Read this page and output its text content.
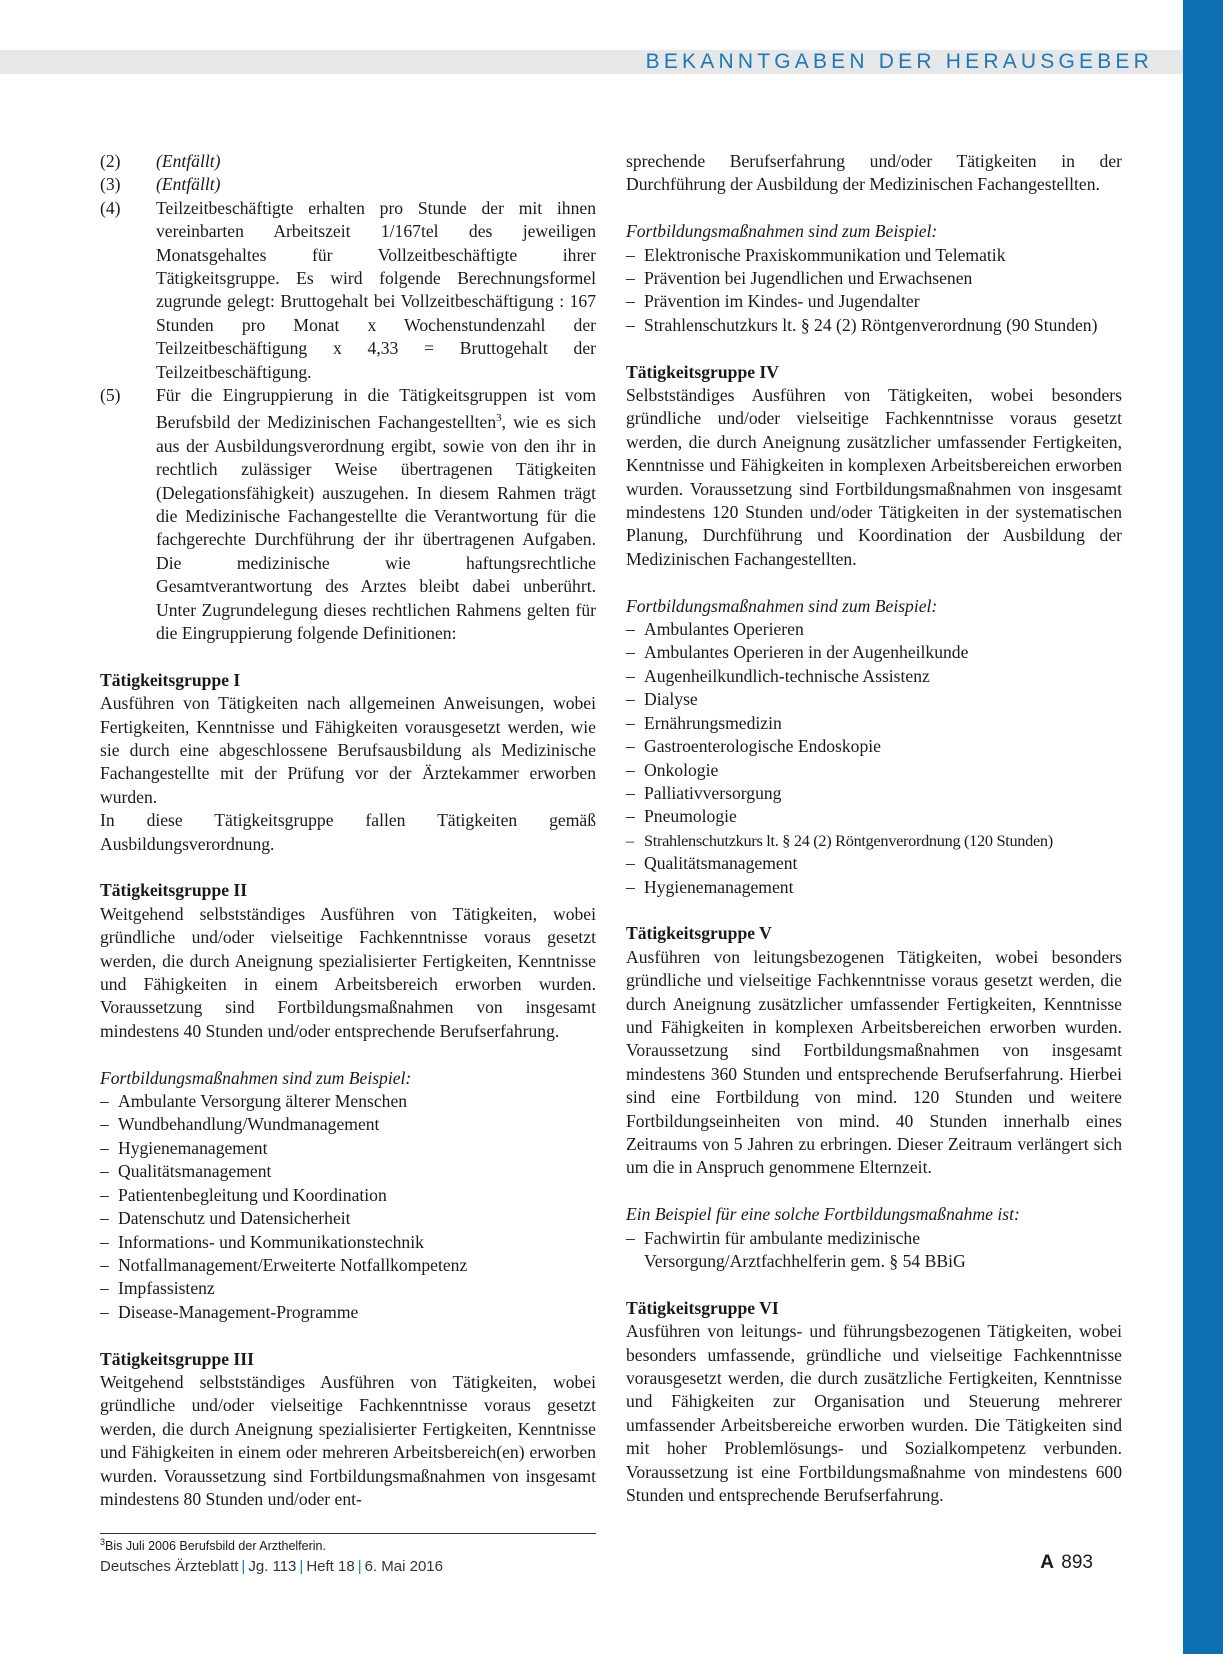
BEKANNTGABEN DER HERAUSGEBER
(2)	(Entfällt)
(3)	(Entfällt)
(4)	Teilzeitbeschäftigte erhalten pro Stunde der mit ihnen vereinbarten Arbeitszeit 1/167tel des jeweiligen Monatsgehaltes für Vollzeitbeschäftigte ihrer Tätigkeitsgruppe. Es wird folgende Berechnungsformel zugrunde gelegt: Bruttogehalt bei Vollzeitbeschäftigung : 167 Stunden pro Monat x Wochenstundenzahl der Teilzeitbeschäftigung x 4,33 = Bruttogehalt der Teilzeitbeschäftigung.
(5)	Für die Eingruppierung in die Tätigkeitsgruppen ist vom Berufsbild der Medizinischen Fachangestellten$^3$, wie es sich aus der Ausbildungsverordnung ergibt, sowie von den ihr in rechtlich zulässiger Weise übertragenen Tätigkeiten (Delegationsfähigkeit) auszugehen. In diesem Rahmen trägt die Medizinische Fachangestellte die Verantwortung für die fachgerechte Durchführung der ihr übertragenen Aufgaben. Die medizinische wie haftungsrechtliche Gesamtverantwortung des Arztes bleibt dabei unberührt. Unter Zugrundelegung dieses rechtlichen Rahmens gelten für die Eingruppierung folgende Definitionen:
Tätigkeitsgruppe I

Ausführen von Tätigkeiten nach allgemeinen Anweisungen, wobei Fertigkeiten, Kenntnisse und Fähigkeiten vorausgesetzt werden, wie sie durch eine abgeschlossene Berufsausbildung als Medizinische Fachangestellte mit der Prüfung vor der Ärztekammer erworben wurden.

In diese Tätigkeitsgruppe fallen Tätigkeiten gemäß Ausbildungsverordnung.

Tätigkeitsgruppe II

Weitgehend selbstständiges Ausführen von Tätigkeiten, wobei gründliche und/oder vielseitige Fachkenntnisse voraus gesetzt werden, die durch Aneignung spezialisierter Fertigkeiten, Kenntnisse und Fähigkeiten in einem Arbeitsbereich erworben wurden. Voraussetzung sind Fortbildungsmaßnahmen von insgesamt mindestens 40 Stunden und/oder entsprechende Berufserfahrung.

Fortbildungsmaßnahmen sind zum Beispiel:

– Ambulante Versorgung älterer Menschen
– Wundbehandlung/Wundmanagement
– Hygienemanagement
– Qualitätsmanagement
– Patientenbegleitung und Koordination
– Datenschutz und Datensicherheit
– Informations- und Kommunikationstechnik
– Notfallmanagement/Erweiterte Notfallkompetenz
– Impfassistenz
– Disease-Management-Programme
Tätigkeitsgruppe III

Weitgehend selbstständiges Ausführen von Tätigkeiten, wobei gründliche und/oder vielseitige Fachkenntnisse voraus gesetzt werden, die durch Aneignung spezialisierter Fertigkeiten, Kenntnisse und Fähigkeiten in einem oder mehreren Arbeitsbereich(en) erworben wurden. Voraussetzung sind Fortbildungsmaßnahmen von insgesamt mindestens 80 Stunden und/oder ent-

sprechende Berufserfahrung und/oder Tätigkeiten in der Durchführung der Ausbildung der Medizinischen Fachangestellten.

Fortbildungsmaßnahmen sind zum Beispiel:

– Elektronische Praxiskommunikation und Telematik
– Prävention bei Jugendlichen und Erwachsenen
– Prävention im Kindes- und Jugendalter
– Strahlenschutzkurs lt. § 24 (2) Röntgenverordnung (90 Stunden)
Tätigkeitsgruppe IV

Selbstständiges Ausführen von Tätigkeiten, wobei besonders gründliche und/oder vielseitige Fachkenntnisse voraus gesetzt werden, die durch Aneignung zusätzlicher umfassender Fertigkeiten, Kenntnisse und Fähigkeiten in komplexen Arbeitsbereichen erworben wurden. Voraussetzung sind Fortbildungsmaßnahmen von insgesamt mindestens 120 Stunden und/oder Tätigkeiten in der systematischen Planung, Durchführung und Koordination der Ausbildung der Medizinischen Fachangestellten.

Fortbildungsmaßnahmen sind zum Beispiel:

– Ambulantes Operieren
– Ambulantes Operieren in der Augenheilkunde
– Augenheilkundlich-technische Assistenz
– Dialyse
– Ernährungsmedizin
– Gastroenterologische Endoskopie
– Onkologie
– Palliativversorgung
– Pneumologie
– Strahlenschutzkurs lt. § 24 (2) Röntgenverordnung (120 Stunden)
– Qualitätsmanagement
– Hygienemanagement
Tätigkeitsgruppe V

Ausführen von leitungsbezogenen Tätigkeiten, wobei besonders gründliche und vielseitige Fachkenntnisse voraus gesetzt werden, die durch Aneignung zusätzlicher umfassender Fertigkeiten, Kenntnisse und Fähigkeiten in komplexen Arbeitsbereichen erworben wurden. Voraussetzung sind Fortbildungsmaßnahmen von insgesamt mindestens 360 Stunden und entsprechende Berufserfahrung. Hierbei sind eine Fortbildung von mind. 120 Stunden und weitere Fortbildungseinheiten von mind. 40 Stunden innerhalb eines Zeitraums von 5 Jahren zu erbringen. Dieser Zeitraum verlängert sich um die in Anspruch genommene Elternzeit.

Ein Beispiel für eine solche Fortbildungsmaßnahme ist:

– Fachwirtin für ambulante medizinische Versorgung/Arztfachhelferin gem. § 54 BBiG
Tätigkeitsgruppe VI

Ausführen von leitungs- und führungsbezogenen Tätigkeiten, wobei besonders umfassende, gründliche und vielseitige Fachkenntnisse vorausgesetzt werden, die durch zusätzliche Fertigkeiten, Kenntnisse und Fähigkeiten zur Organisation und Steuerung mehrerer umfassender Arbeitsbereiche erworben wurden. Die Tätigkeiten sind mit hoher Problemlösungs- und Sozialkompetenz verbunden. Voraussetzung ist eine Fortbildungsmaßnahme von mindestens 600 Stunden und entsprechende Berufserfahrung.

$^3$Bis Juli 2006 Berufsbild der Arzthelferin.
Deutsches Ärzteblatt | Jg. 113 | Heft 18 | 6. Mai 2016	A 893
